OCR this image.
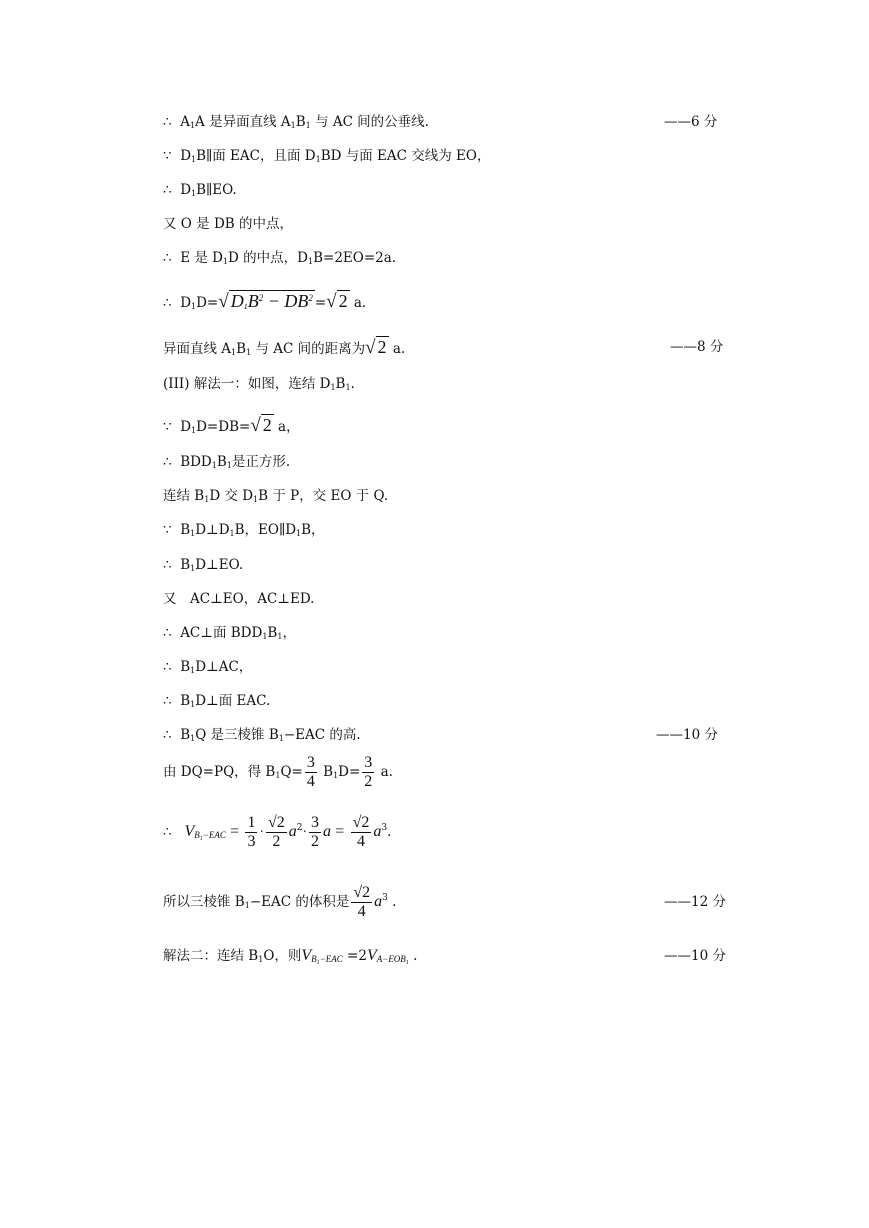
∴ $A_1A$ 是异面直线 $A_1B_1$ 与 AC 间的公垂线.	——6 分
∵ $D_1B\parallel$面 EAC，且面 $D_1BD$ 与面 EAC 交线为 EO，
∴ $D_1B\parallel EO$.
又 O 是 DB 的中点，
∴ E 是 $D_1D$ 的中点，$D_1B=2EO=2a$.
∴ $D_1D=√$ $D_1B^2 - DB^2$ =√ 2 a.
异面直线 $A_1B_1$ 与 AC 间的距离为√ 2 a.	——8 分
(III) 解法一：如图，连结 $D_1B_1$.
∵ $D_1D=DB=√$ 2 a，
∴ $BDD_1B_1$是正方形.
连结 $B_1D$ 交 $D_1B$ 于 P，交 EO 于 Q.
∵ $B_1D\perp D_1B$，$EO\parallel D_1B$，
∴ $B_1D\perp EO$.
又　AC⊥EO，AC⊥ED.
∴ AC⊥面 $BDD_1B_1$，
∴ $B_1D\perp AC$，
∴ $B_1D\perp$面 EAC.
∴ $B_1Q$ 是三棱锥 $B_1-EAC$ 的高.	——10 分
由 DQ=PQ，得 $B_1Q= \frac{3}{4} B_1D= \frac{3}{2} a$.
∴ $V_{B_1-EAC} = \frac{1}{3} \cdot \frac{√2}{2} a^2\cdot \frac{3}{2}$ $a = \frac{√2}{4} a^3$.
所以三棱锥 $B_1-EAC$ 的体积是 $\frac{√2}{4} a^3$ .	——12 分
解法二：连结 $B_1O$，则$V_{B_1-EAC} =2V_{A-EOB_1}$ .	——10 分
